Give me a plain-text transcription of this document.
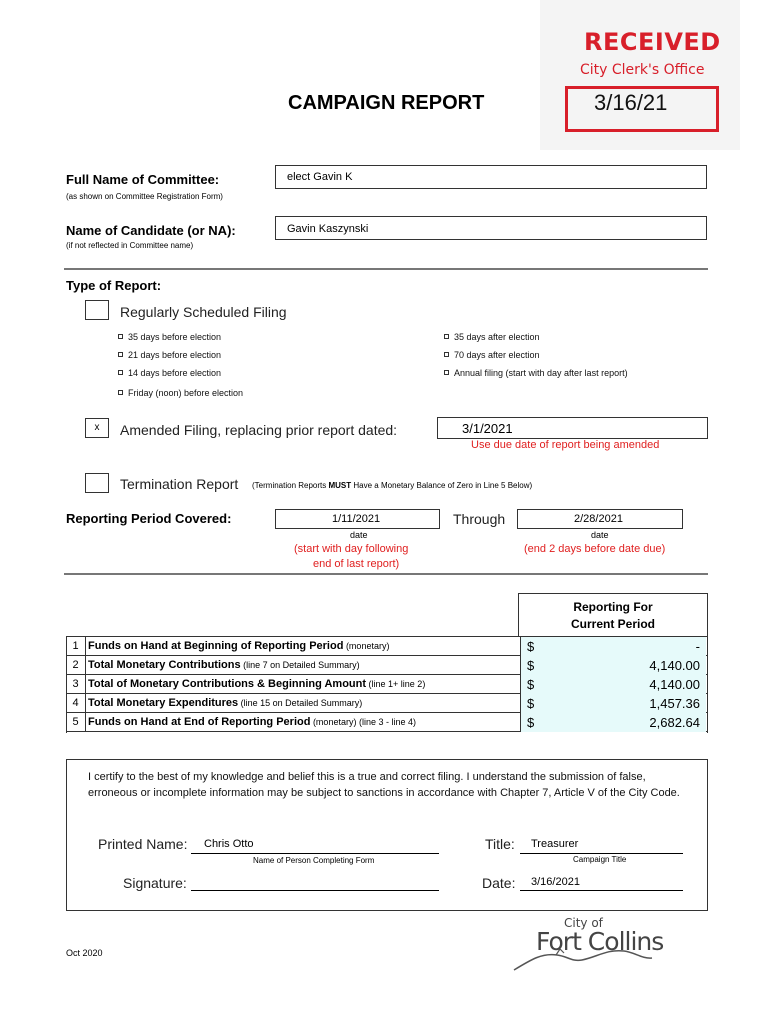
RECEIVED
City Clerk's Office
3/16/21
CAMPAIGN REPORT
Full Name of Committee:
(as shown on Committee Registration Form)
elect Gavin K
Name of Candidate (or NA):
(if not reflected in Committee name)
Gavin Kaszynski
Type of Report:
Regularly Scheduled Filing
35 days before election
21 days before election
14 days before election
Friday (noon) before election
35 days after election
70 days after election
Annual filing (start with day after last report)
x	Amended Filing, replacing prior report dated:	3/1/2021
Use due date of report being amended
Termination Report (Termination Reports MUST Have a Monetary Balance of Zero in Line 5 Below)
Reporting Period Covered:	1/11/2021
date
Through	2/28/2021
date
(start with day following
end of last report)
(end 2 days before date due)
Reporting For
Current Period
1 Funds on Hand at Beginning of Reporting Period (monetary)	$	-
2 Total Monetary Contributions (line 7 on Detailed Summary)	$	4,140.00
3 Total of Monetary Contributions & Beginning Amount (line 1+ line 2)	$	4,140.00
4 Total Monetary Expenditures (line 15 on Detailed Summary)	$	1,457.36
5 Funds on Hand at End of Reporting Period (monetary) (line 3 - line 4)	$	2,682.64
I certify to the best of my knowledge and belief this is a true and correct filing. I understand the submission of false, erroneous or incomplete information may be subject to sanctions in accordance with Chapter 7, Article V of the City Code.
Printed Name: Chris Otto
Name of Person Completing Form
Title: Treasurer
Campaign Title
Signature:	Date: 3/16/2021
Oct 2020
City of
Fort Collins
